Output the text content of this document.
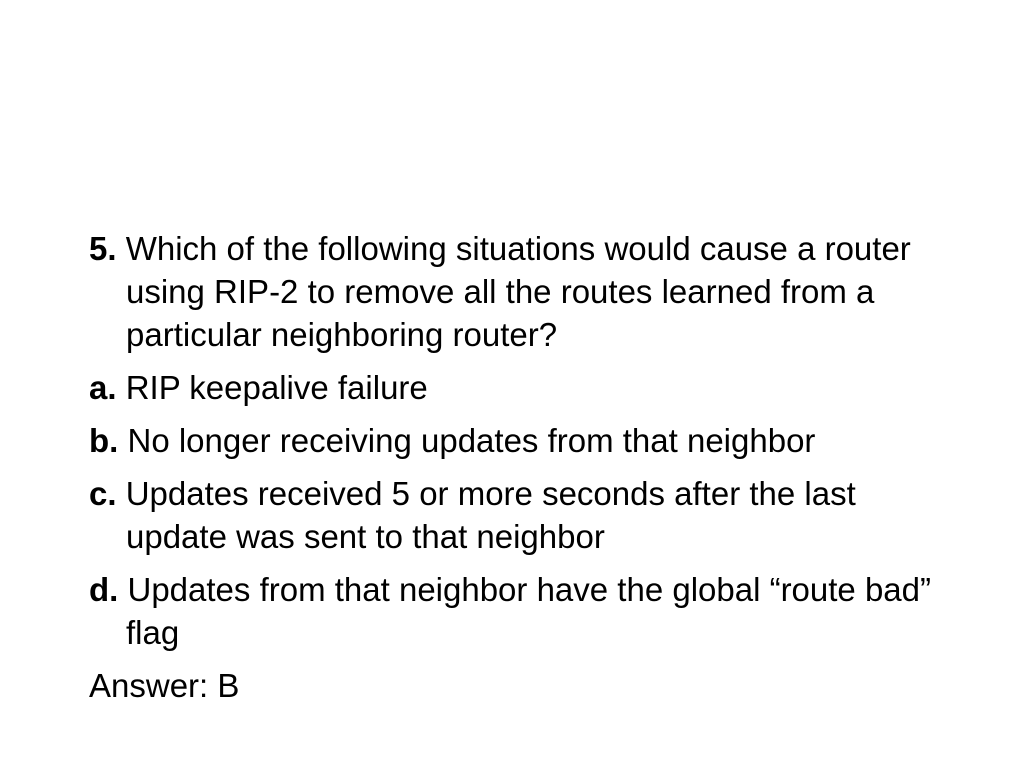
5. Which of the following situations would cause a router using RIP-2 to remove all the routes learned from a particular neighboring router?

a. RIP keepalive failure

b. No longer receiving updates from that neighbor

c. Updates received 5 or more seconds after the last update was sent to that neighbor

d. Updates from that neighbor have the global “route bad” flag

Answer: B
